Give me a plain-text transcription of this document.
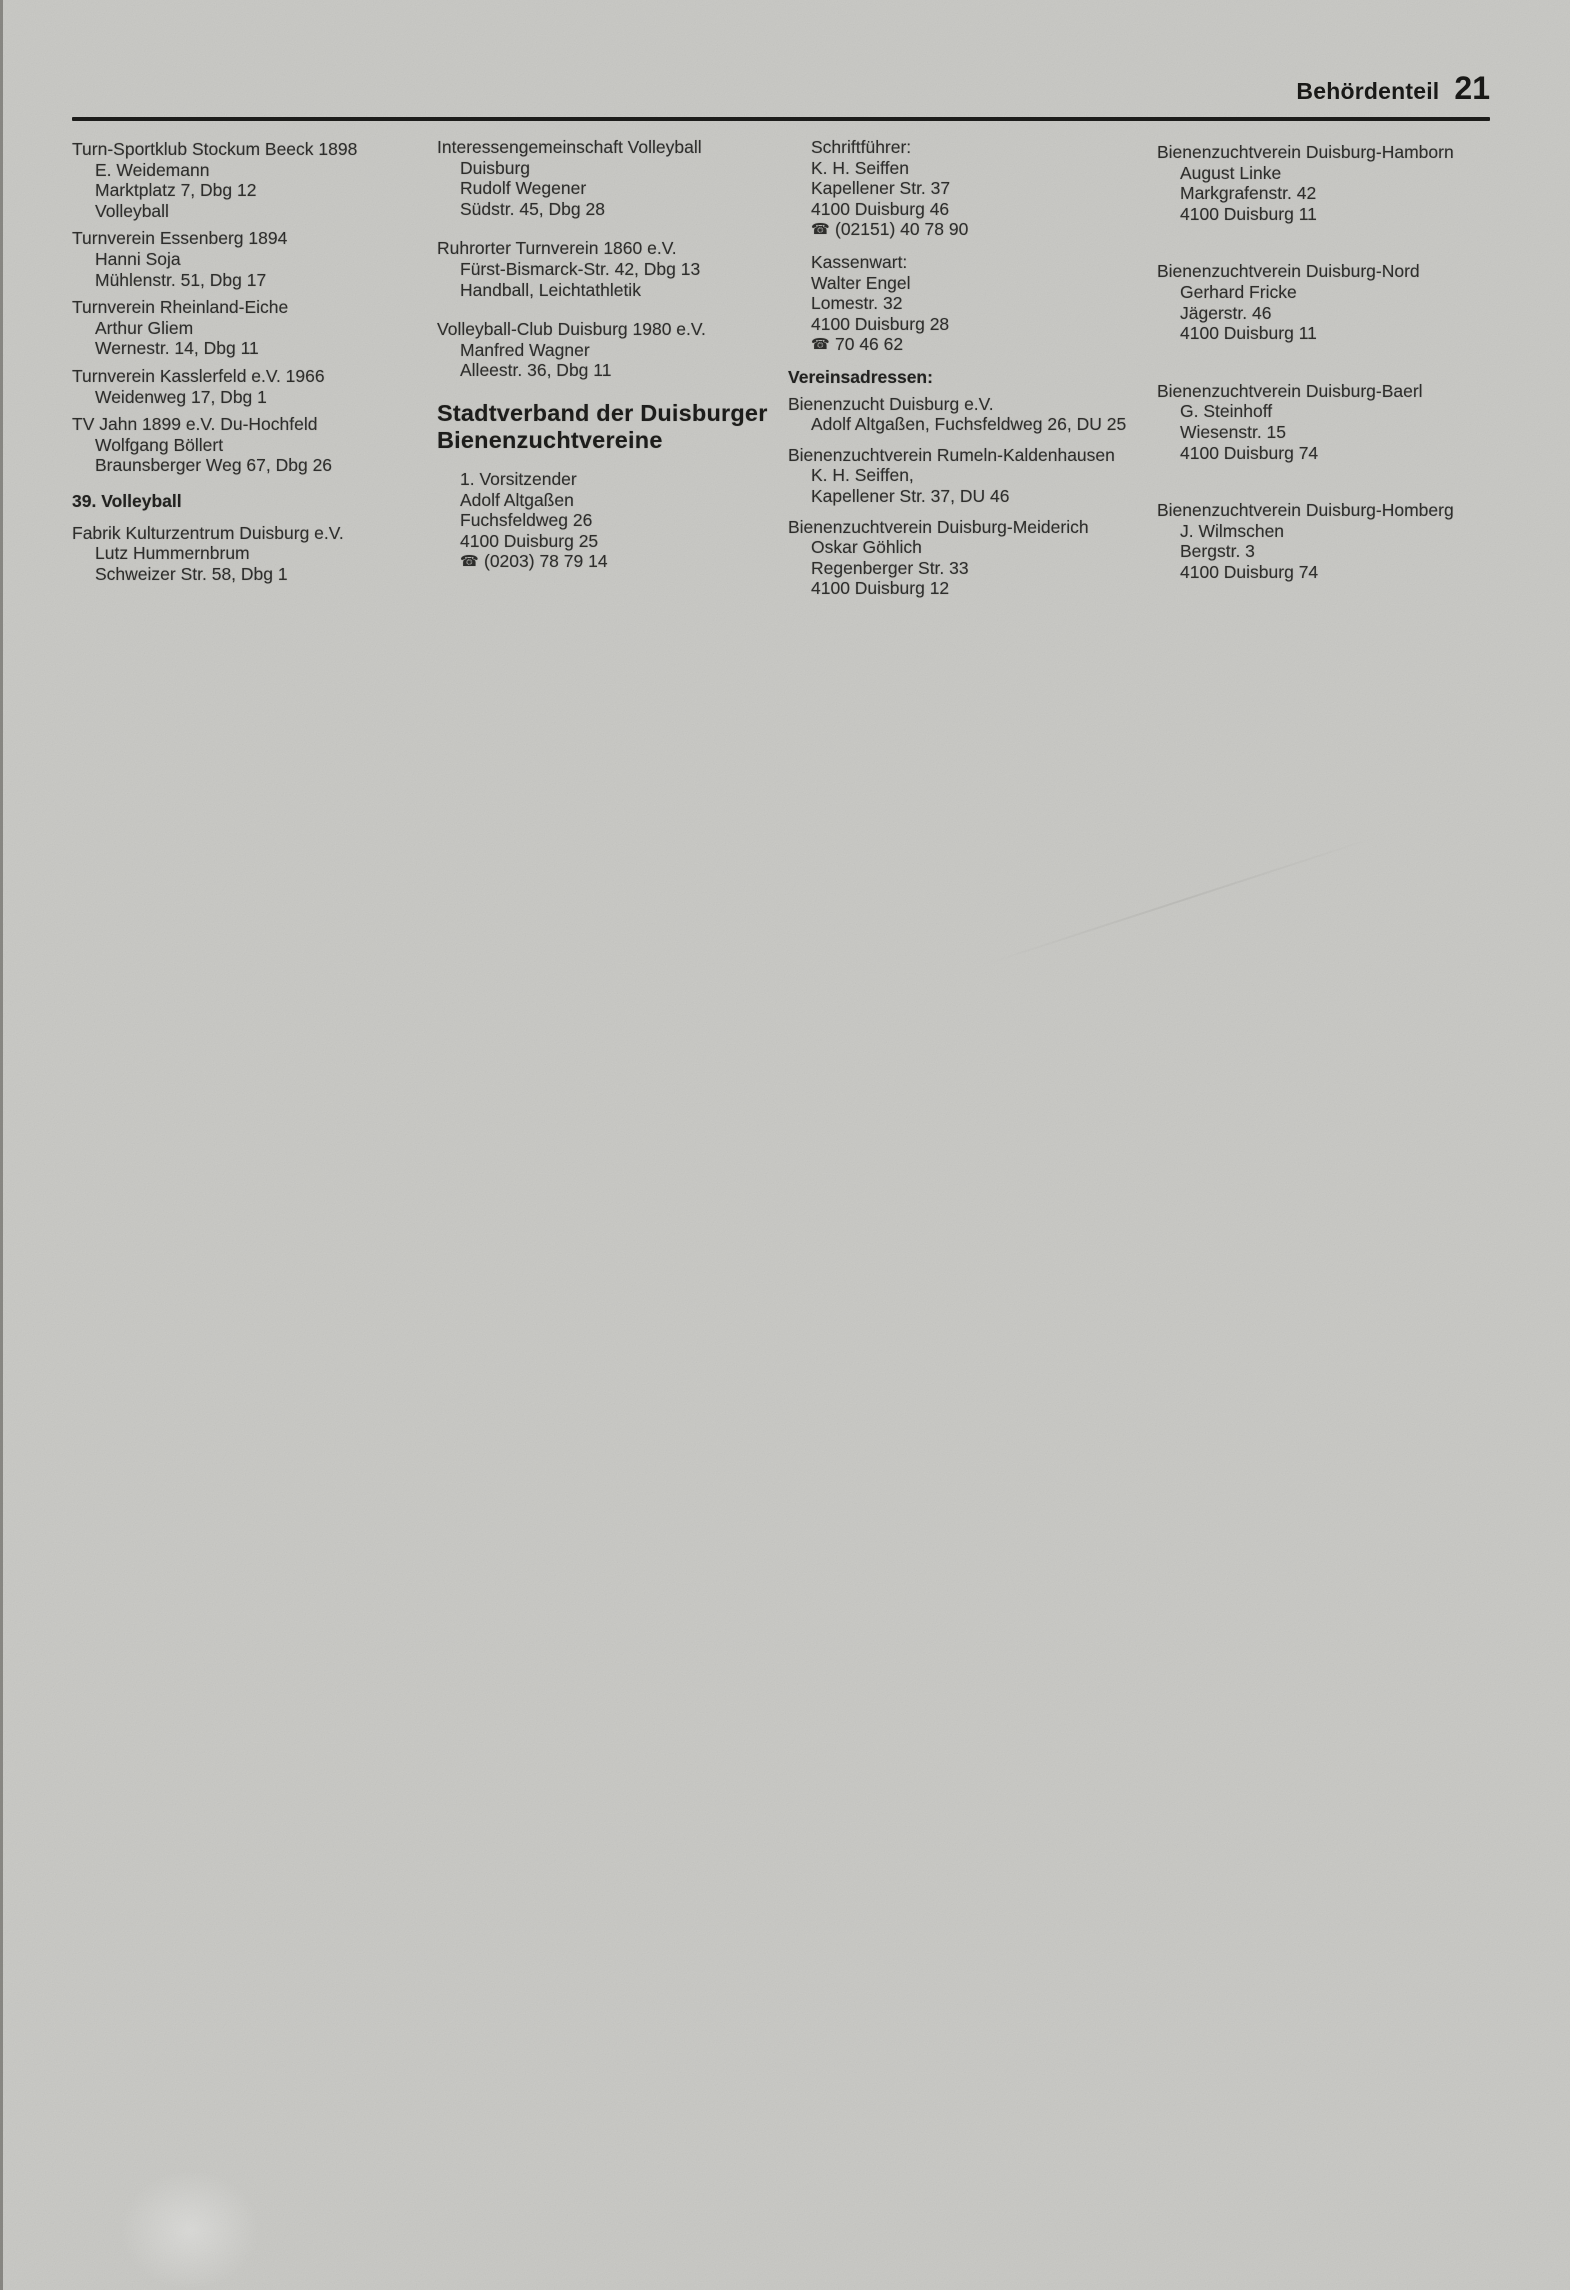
Behördenteil 21
Turn-Sportklub Stockum Beeck 1898
E. Weidemann
Marktplatz 7, Dbg 12
Volleyball
Turnverein Essenberg 1894
Hanni Soja
Mühlenstr. 51, Dbg 17
Turnverein Rheinland-Eiche
Arthur Gliem
Wernestr. 14, Dbg 11
Turnverein Kasslerfeld e.V. 1966
Weidenweg 17, Dbg 1
TV Jahn 1899 e.V. Du-Hochfeld
Wolfgang Böllert
Braunsberger Weg 67, Dbg 26
39. Volleyball
Fabrik Kulturzentrum Duisburg e.V.
Lutz Hummernbrum
Schweizer Str. 58, Dbg 1
Interessengemeinschaft Volleyball
Duisburg
Rudolf Wegener
Südstr. 45, Dbg 28
Ruhrorter Turnverein 1860 e.V.
Fürst-Bismarck-Str. 42, Dbg 13
Handball, Leichtathletik
Volleyball-Club Duisburg 1980 e.V.
Manfred Wagner
Alleestr. 36, Dbg 11
Stadtverband der Duisburger
Bienenzuchtvereine
1. Vorsitzender
Adolf Altgaßen
Fuchsfeldweg 26
4100 Duisburg 25
☎ (0203) 78 79 14
Schriftführer:
K. H. Seiffen
Kapellener Str. 37
4100 Duisburg 46
☎ (02151) 40 78 90
Kassenwart:
Walter Engel
Lomestr. 32
4100 Duisburg 28
☎ 70 46 62
Vereinsadressen:
Bienenzucht Duisburg e.V.
Adolf Altgaßen, Fuchsfeldweg 26, DU 25
Bienenzuchtverein Rumeln-Kaldenhausen
K. H. Seiffen,
Kapellener Str. 37, DU 46
Bienenzuchtverein Duisburg-Meiderich
Oskar Göhlich
Regenberger Str. 33
4100 Duisburg 12
Bienenzuchtverein Duisburg-Hamborn
August Linke
Markgrafenstr. 42
4100 Duisburg 11
Bienenzuchtverein Duisburg-Nord
Gerhard Fricke
Jägerstr. 46
4100 Duisburg 11
Bienenzuchtverein Duisburg-Baerl
G. Steinhoff
Wiesenstr. 15
4100 Duisburg 74
Bienenzuchtverein Duisburg-Homberg
J. Wilmschen
Bergstr. 3
4100 Duisburg 74
